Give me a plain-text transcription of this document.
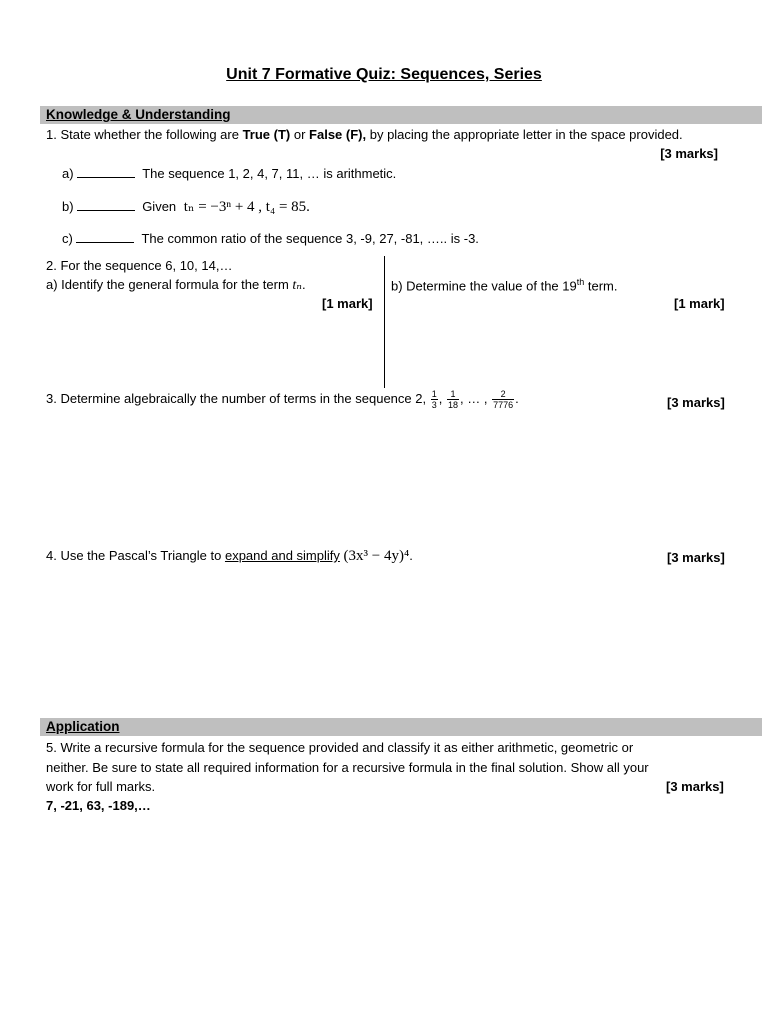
Unit 7 Formative Quiz: Sequences, Series
Knowledge & Understanding
1. State whether the following are True (T) or False (F), by placing the appropriate letter in the space provided.
[3 marks]
a)	The sequence 1, 2, 4, 7, 11, … is arithmetic.
b)	Given tₙ = −3ⁿ + 4 , t₄ = 85.
c)	The common ratio of the sequence 3, -9, 27, -81, ….. is -3.
2. For the sequence 6, 10, 14,…
a) Identify the general formula for the term tₙ.
[1 mark]
b) Determine the value of the 19th term.
[1 mark]
3. Determine algebraically the number of terms in the sequence 2, $\frac{1}{3}$ , $\frac{1}{18}$ , … , $\frac{2}{7776}$ .	[3 marks]
4. Use the Pascal’s Triangle to expand and simplify (3x³ − 4y)⁴.	[3 marks]
Application
5. Write a recursive formula for the sequence provided and classify it as either arithmetic, geometric or
neither. Be sure to state all required information for a recursive formula in the final solution. Show all your
work for full marks.	[3 marks]
7, -21, 63, -189,…
